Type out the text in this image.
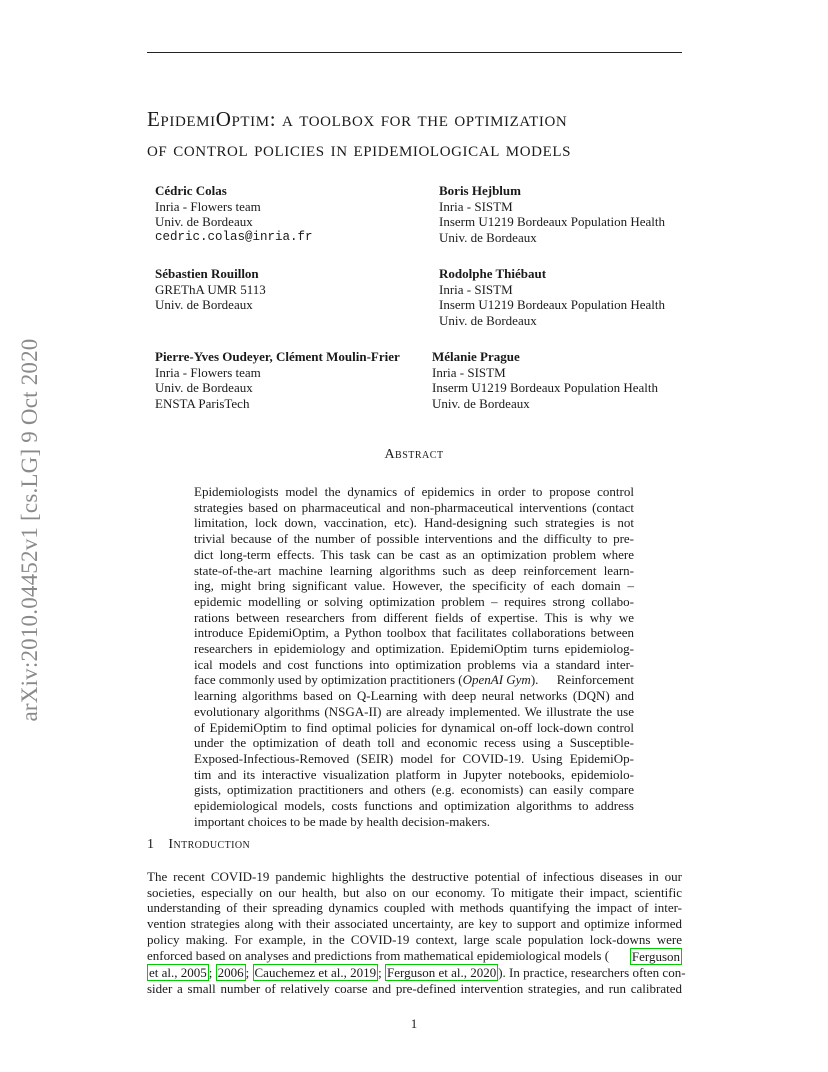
arXiv:2010.04452v1 [cs.LG] 9 Oct 2020
EpidemiOptim: a toolbox for the optimization
of control policies in epidemiological models
Cédric Colas
Inria - Flowers team
Univ. de Bordeaux
cedric.colas@inria.fr
Boris Hejblum
Inria - SISTM
Inserm U1219 Bordeaux Population Health
Univ. de Bordeaux
Sébastien Rouillon
GREThA UMR 5113
Univ. de Bordeaux
Rodolphe Thiébaut
Inria - SISTM
Inserm U1219 Bordeaux Population Health
Univ. de Bordeaux
Pierre-Yves Oudeyer, Clément Moulin-Frier
Inria - Flowers team
Univ. de Bordeaux
ENSTA ParisTech
Mélanie Prague
Inria - SISTM
Inserm U1219 Bordeaux Population Health
Univ. de Bordeaux
Abstract
Epidemiologists model the dynamics of epidemics in order to propose control
strategies based on pharmaceutical and non-pharmaceutical interventions (contact
limitation, lock down, vaccination, etc). Hand-designing such strategies is not
trivial because of the number of possible interventions and the difficulty to pre-
dict long-term effects. This task can be cast as an optimization problem where
state-of-the-art machine learning algorithms such as deep reinforcement learn-
ing, might bring significant value. However, the specificity of each domain –
epidemic modelling or solving optimization problem – requires strong collabo-
rations between researchers from different fields of expertise. This is why we
introduce EpidemiOptim, a Python toolbox that facilitates collaborations between
researchers in epidemiology and optimization. EpidemiOptim turns epidemiolog-
ical models and cost functions into optimization problems via a standard inter-
face commonly used by optimization practitioners (OpenAI Gym). Reinforcement
learning algorithms based on Q-Learning with deep neural networks (DQN) and
evolutionary algorithms (NSGA-II) are already implemented. We illustrate the use
of EpidemiOptim to find optimal policies for dynamical on-off lock-down control
under the optimization of death toll and economic recess using a Susceptible-
Exposed-Infectious-Removed (SEIR) model for COVID-19. Using EpidemiOp-
tim and its interactive visualization platform in Jupyter notebooks, epidemiolo-
gists, optimization practitioners and others (e.g. economists) can easily compare
epidemiological models, costs functions and optimization algorithms to address
important choices to be made by health decision-makers.
1 Introduction
The recent COVID-19 pandemic highlights the destructive potential of infectious diseases in our
societies, especially on our health, but also on our economy. To mitigate their impact, scientific
understanding of their spreading dynamics coupled with methods quantifying the impact of inter-
vention strategies along with their associated uncertainty, are key to support and optimize informed
policy making. For example, in the COVID-19 context, large scale population lock-downs were
enforced based on analyses and predictions from mathematical epidemiological models ( Ferguson
et al., 2005 ; 2006 ; Cauchemez et al., 2019 ; Ferguson et al., 2020 ). In practice, researchers often con-
sider a small number of relatively coarse and pre-defined intervention strategies, and run calibrated
1
